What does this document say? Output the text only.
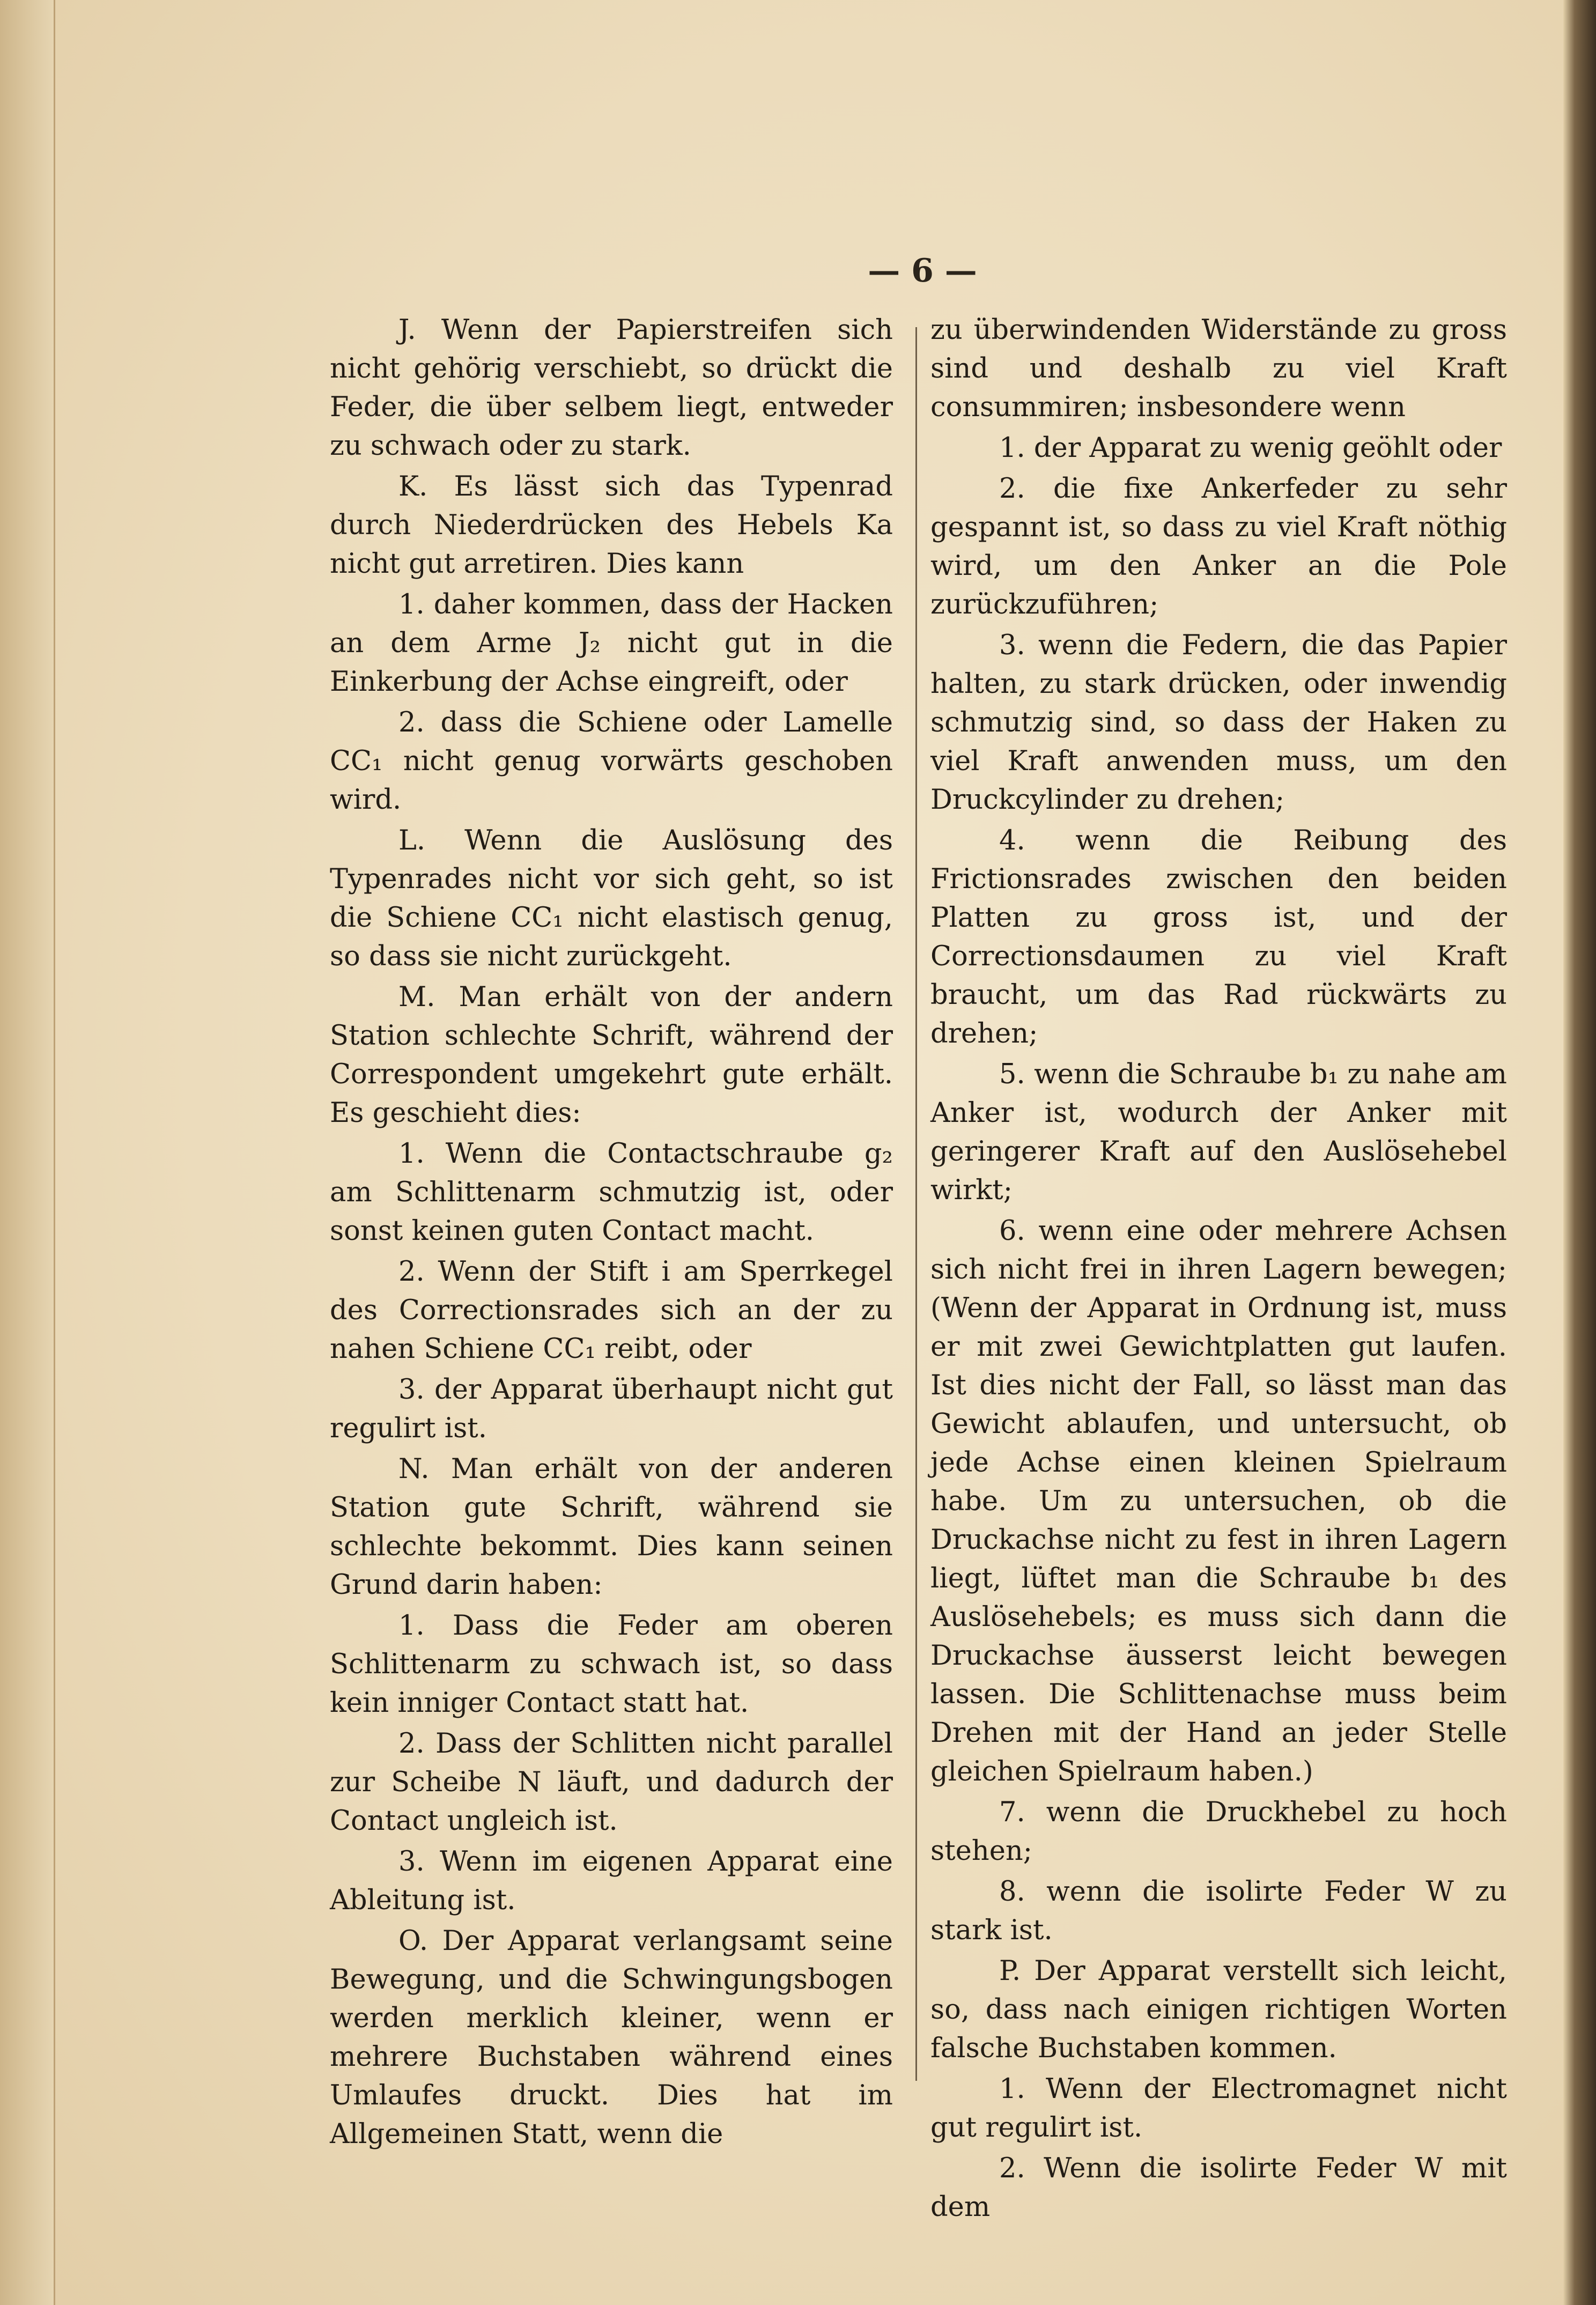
— 6 —

J. Wenn der Papierstreifen sich nicht gehörig verschiebt, so drückt die Feder, die über selbem liegt, entweder zu schwach oder zu stark.

K. Es lässt sich das Typenrad durch Niederdrücken des Hebels Ka nicht gut arretiren. Dies kann

1. daher kommen, dass der Hacken an dem Arme J₂ nicht gut in die Einkerbung der Achse eingreift, oder

2. dass die Schiene oder Lamelle CC₁ nicht genug vorwärts geschoben wird.

L. Wenn die Auslösung des Typenrades nicht vor sich geht, so ist die Schiene CC₁ nicht elastisch genug, so dass sie nicht zurückgeht.

M. Man erhält von der andern Station schlechte Schrift, während der Correspondent umgekehrt gute erhält. Es geschieht dies:

1. Wenn die Contactschraube g₂ am Schlittenarm schmutzig ist, oder sonst keinen guten Contact macht.

2. Wenn der Stift i am Sperrkegel des Correctionsrades sich an der zu nahen Schiene CC₁ reibt, oder

3. der Apparat überhaupt nicht gut regulirt ist.

N. Man erhält von der anderen Station gute Schrift, während sie schlechte bekommt. Dies kann seinen Grund darin haben:

1. Dass die Feder am oberen Schlittenarm zu schwach ist, so dass kein inniger Contact statt hat.

2. Dass der Schlitten nicht parallel zur Scheibe N läuft, und dadurch der Contact ungleich ist.

3. Wenn im eigenen Apparat eine Ableitung ist.

O. Der Apparat verlangsamt seine Bewegung, und die Schwingungsbogen werden merklich kleiner, wenn er mehrere Buchstaben während eines Umlaufes druckt. Dies hat im Allgemeinen Statt, wenn die

zu überwindenden Widerstände zu gross sind und deshalb zu viel Kraft consummiren; insbesondere wenn

1. der Apparat zu wenig geöhlt oder

2. die fixe Ankerfeder zu sehr gespannt ist, so dass zu viel Kraft nöthig wird, um den Anker an die Pole zurückzuführen;

3. wenn die Federn, die das Papier halten, zu stark drücken, oder inwendig schmutzig sind, so dass der Haken zu viel Kraft anwenden muss, um den Druckcylinder zu drehen;

4. wenn die Reibung des Frictionsrades zwischen den beiden Platten zu gross ist, und der Correctionsdaumen zu viel Kraft braucht, um das Rad rückwärts zu drehen;

5. wenn die Schraube b₁ zu nahe am Anker ist, wodurch der Anker mit geringerer Kraft auf den Auslösehebel wirkt;

6. wenn eine oder mehrere Achsen sich nicht frei in ihren Lagern bewegen; (Wenn der Apparat in Ordnung ist, muss er mit zwei Gewichtplatten gut laufen. Ist dies nicht der Fall, so lässt man das Gewicht ablaufen, und untersucht, ob jede Achse einen kleinen Spielraum habe. Um zu untersuchen, ob die Druckachse nicht zu fest in ihren Lagern liegt, lüftet man die Schraube b₁ des Auslösehebels; es muss sich dann die Druckachse äusserst leicht bewegen lassen. Die Schlittenachse muss beim Drehen mit der Hand an jeder Stelle gleichen Spielraum haben.)

7. wenn die Druckhebel zu hoch stehen;

8. wenn die isolirte Feder W zu stark ist.

P. Der Apparat verstellt sich leicht, so, dass nach einigen richtigen Worten falsche Buchstaben kommen.

1. Wenn der Electromagnet nicht gut regulirt ist.

2. Wenn die isolirte Feder W mit dem
